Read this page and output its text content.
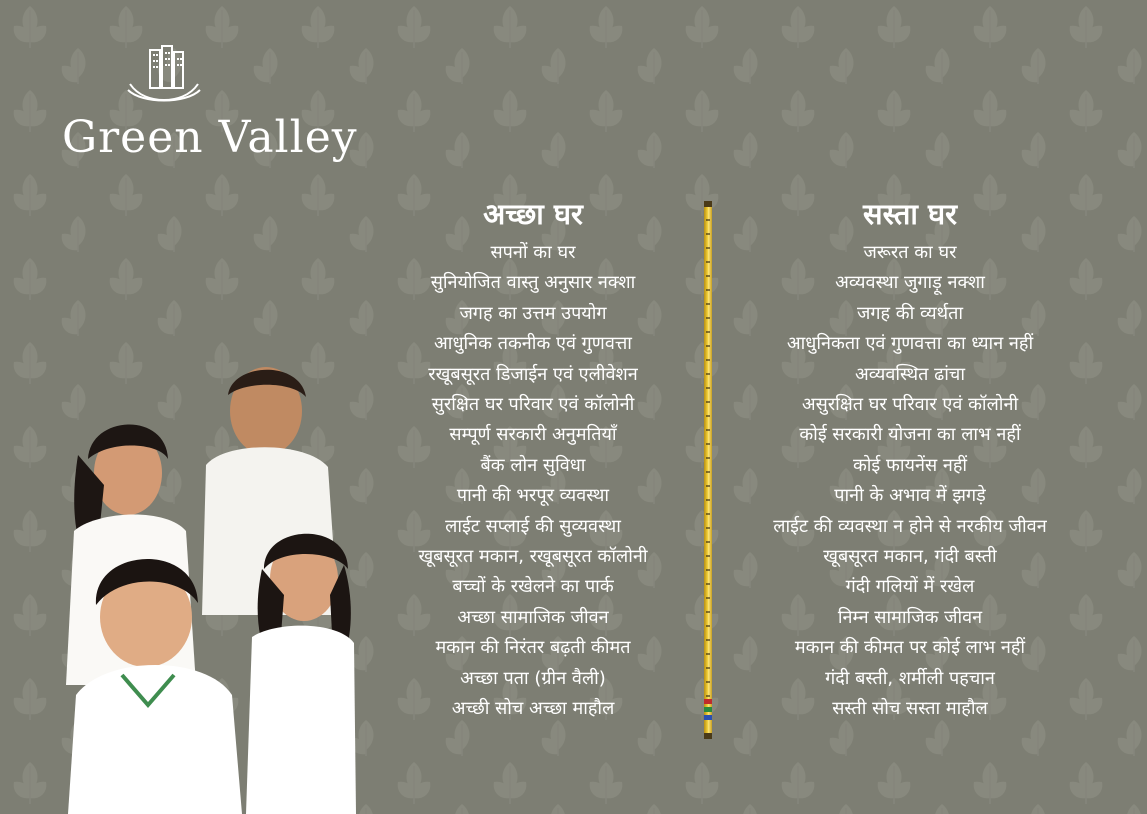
Green Valley
अच्छा घर
सपनों का घर
सुनियोजित वास्तु अनुसार नक्शा
जगह का उत्तम उपयोग
आधुनिक तकनीक एवं गुणवत्ता
रखूबसूरत डिजाईन एवं एलीवेशन
सुरक्षित घर परिवार एवं कॉलोनी
सम्पूर्ण सरकारी अनुमतियाँ
बैंक लोन सुविधा
पानी की भरपूर व्यवस्था
लाईट सप्लाई की सुव्यवस्था
खूबसूरत मकान, रखूबसूरत कॉलोनी
बच्चों के रखेलने का पार्क
अच्छा सामाजिक जीवन
मकान की निरंतर बढ़ती कीमत
अच्छा पता (ग्रीन वैली)
अच्छी सोच अच्छा माहौल
सस्ता घर
जरूरत का घर
अव्यवस्था जुगाड़ू नक्शा
जगह की व्यर्थता
आधुनिकता एवं गुणवत्ता का ध्यान नहीं
अव्यवस्थित ढांचा
असुरक्षित घर परिवार एवं कॉलोनी
कोई सरकारी योजना का लाभ नहीं
कोई फायनेंस नहीं
पानी के अभाव में झगड़े
लाईट की व्यवस्था न होने से नरकीय जीवन
खूबसूरत मकान, गंदी बस्ती
गंदी गलियों में रखेल
निम्न सामाजिक जीवन
मकान की कीमत पर कोई लाभ नहीं
गंदी बस्ती, शर्मीली पहचान
सस्ती सोच सस्ता माहौल
